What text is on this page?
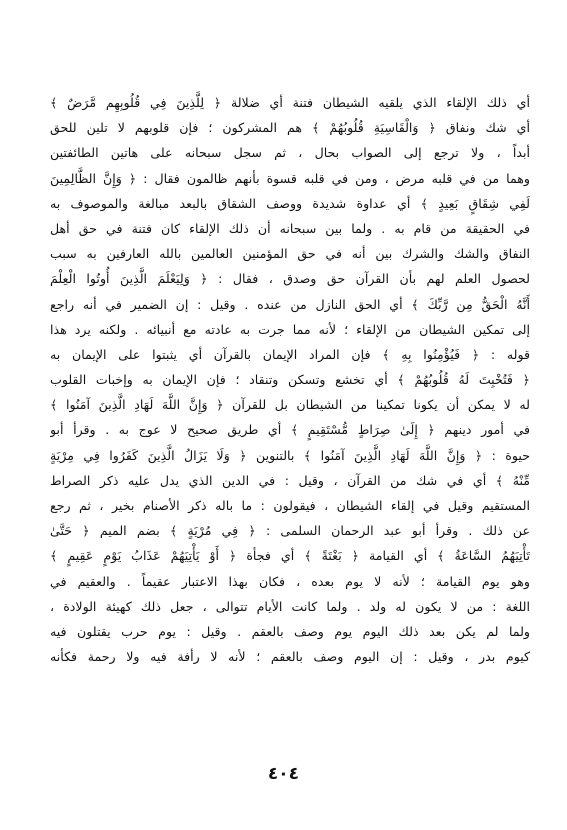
أي ذلك الإلقاء الذي يلقيه الشيطان فتنة أي ضلالة ﴿ لِلَّذِينَ فِي قُلُوبِهِم مَّرَضٌ ﴾
أي شك ونفاق ﴿ وَالْقَاسِيَةِ قُلُوبُهُمْ ﴾ هم المشركون ؛ فإن قلوبهم لا تلين للحق
أبداً ، ولا ترجع إلى الصواب بحال ، ثم سجل سبحانه على هاتين الطائفتين
وهما من في قلبه مرض ، ومن في قلبه قسوة بأنهم ظالمون فقال : ﴿ وَإِنَّ الظَّالِمِينَ
لَفِي شِقَاقٍ بَعِيدٍ ﴾ أي عداوة شديدة ووصف الشقاق بالبعد مبالغة والموصوف به
في الحقيقة من قام به . ولما بين سبحانه أن ذلك الإلقاء كان فتنة في حق أهل
النفاق والشك والشرك بين أنه في حق المؤمنين العالمين بالله العارفين به سبب
لحصول العلم لهم بأن القرآن حق وصدق ، فقال : ﴿ وَلِيَعْلَمَ الَّذِينَ أُوتُوا الْعِلْمَ
أَنَّهُ الْحَقُّ مِن رَّبِّكَ ﴾ أي الحق النازل من عنده . وقيل : إن الضمير في أنه راجع
إلى تمكين الشيطان من الإلقاء ؛ لأنه مما جرت به عادته مع أنبيائه . ولكنه يرد هذا
قوله : ﴿ فَيُؤْمِنُوا بِهِ ﴾ فإن المراد الإيمان بالقرآن أي يثبتوا على الإيمان به
﴿ فَتُخْبِتَ لَهُ قُلُوبُهُمْ ﴾ أي تخشع وتسكن وتنقاد ؛ فإن الإيمان به وإخبات القلوب
له لا يمكن أن يكونا تمكينا من الشيطان بل للقرآن ﴿ وَإِنَّ اللَّهَ لَهَادِ الَّذِينَ آمَنُوا ﴾
في أمور دينهم ﴿ إِلَىٰ صِرَاطٍ مُّسْتَقِيمٍ ﴾ أي طريق صحيح لا عوج به . وقرأ أبو
حيوة : ﴿ وَإِنَّ اللَّهَ لَهَادِ الَّذِينَ آمَنُوا ﴾ بالتنوين ﴿ وَلَا يَزَالُ الَّذِينَ كَفَرُوا فِي مِرْيَةٍ
مِّنْهُ ﴾ أي في شك من القرآن ، وقيل : في الدين الذي يدل عليه ذكر الصراط
المستقيم وقيل في إلقاء الشيطان ، فيقولون : ما باله ذكر الأصنام بخير ، ثم رجع
عن ذلك . وقرأ أبو عبد الرحمان السلمى : ﴿ فِي مُرْيَةٍ ﴾ بضم الميم ﴿ حَتَّىٰ
تَأْتِيَهُمُ السَّاعَةُ ﴾ أي القيامة ﴿ بَغْتَةً ﴾ أي فجأة ﴿ أَوْ يَأْتِيَهُمْ عَذَابُ يَوْمٍ عَقِيمٍ ﴾
وهو يوم القيامة ؛ لأنه لا يوم بعده ، فكان بهذا الاعتبار عقيماً . والعقيم في
اللغة : من لا يكون له ولد . ولما كانت الأيام تتوالى ، جعل ذلك كهيئة الولادة ،
ولما لم يكن بعد ذلك اليوم يوم وصف بالعقم . وقيل : يوم حرب يقتلون فيه
كيوم بدر ، وقيل : إن اليوم وصف بالعقم ؛ لأنه لا رأفة فيه ولا رحمة فكأنه
٤٠٤
